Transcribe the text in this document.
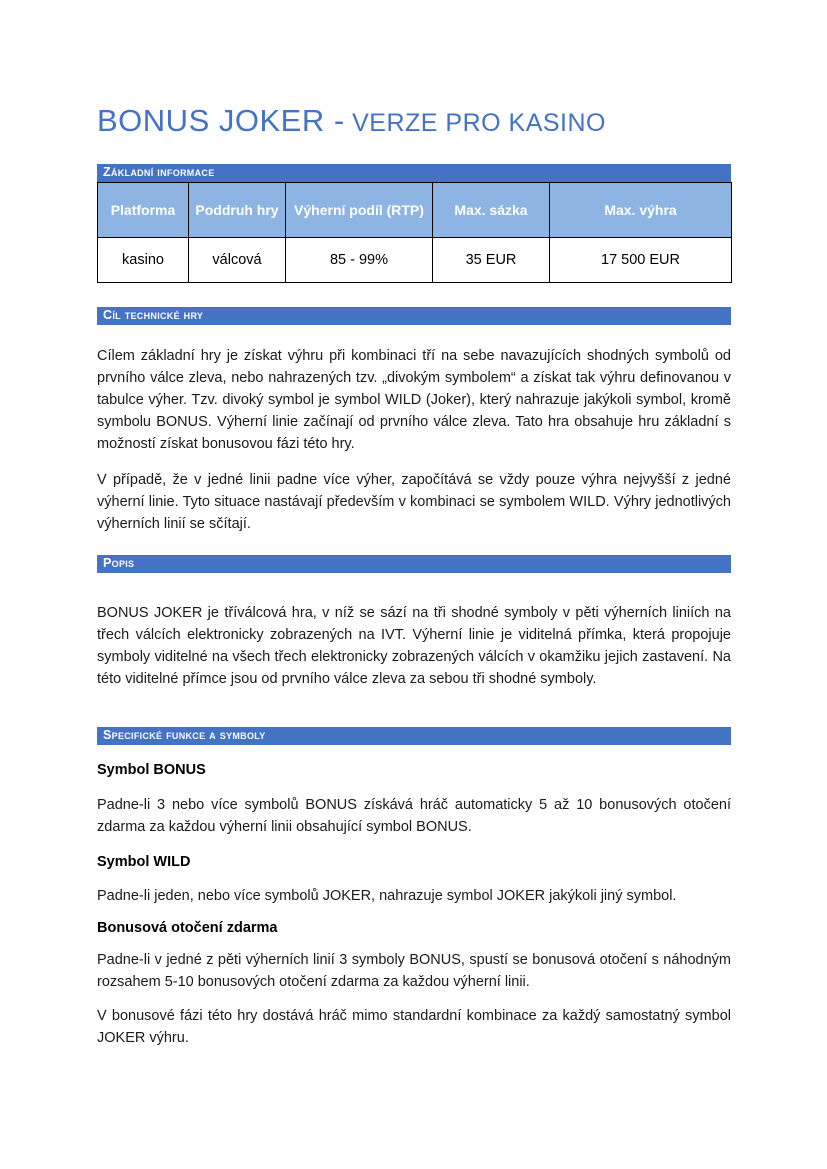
BONUS JOKER - VERZE PRO KASINO
Základní informace
Platforma	Poddruh hry	Výherní podíl (RTP)	Max. sázka	Max. výhra
kasino	válcová	85 - 99%	35 EUR	17 500 EUR
Cíl technické hry

Cílem základní hry je získat výhru při kombinaci tří na sebe navazujících shodných symbolů od prvního válce zleva, nebo nahrazených tzv. „divokým symbolem“ a získat tak výhru definovanou v tabulce výher. Tzv. divoký symbol je symbol WILD (Joker), který nahrazuje jakýkoli symbol, kromě symbolu BONUS. Výherní linie začínají od prvního válce zleva. Tato hra obsahuje hru základní s možností získat bonusovou fázi této hry.

V případě, že v jedné linii padne více výher, započítává se vždy pouze výhra nejvyšší z jedné výherní linie. Tyto situace nastávají především v kombinaci se symbolem WILD. Výhry jednotlivých výherních linií se sčítají.

Popis

BONUS JOKER je tříválcová hra, v níž se sází na tři shodné symboly v pěti výherních liniích na třech válcích elektronicky zobrazených na IVT. Výherní linie je viditelná přímka, která propojuje symboly viditelné na všech třech elektronicky zobrazených válcích v okamžiku jejich zastavení. Na této viditelné přímce jsou od prvního válce zleva za sebou tři shodné symboly.

Specifické funkce a symboly
Symbol BONUS

Padne-li 3 nebo více symbolů BONUS získává hráč automaticky 5 až 10 bonusových otočení zdarma za každou výherní linii obsahující symbol BONUS.

Symbol WILD

Padne-li jeden, nebo více symbolů JOKER, nahrazuje symbol JOKER jakýkoli jiný symbol.

Bonusová otočení zdarma

Padne-li v jedné z pěti výherních linií 3 symboly BONUS, spustí se bonusová otočení s náhodným rozsahem 5-10 bonusových otočení zdarma za každou výherní linii.

V bonusové fázi této hry dostává hráč mimo standardní kombinace za každý samostatný symbol JOKER výhru.
